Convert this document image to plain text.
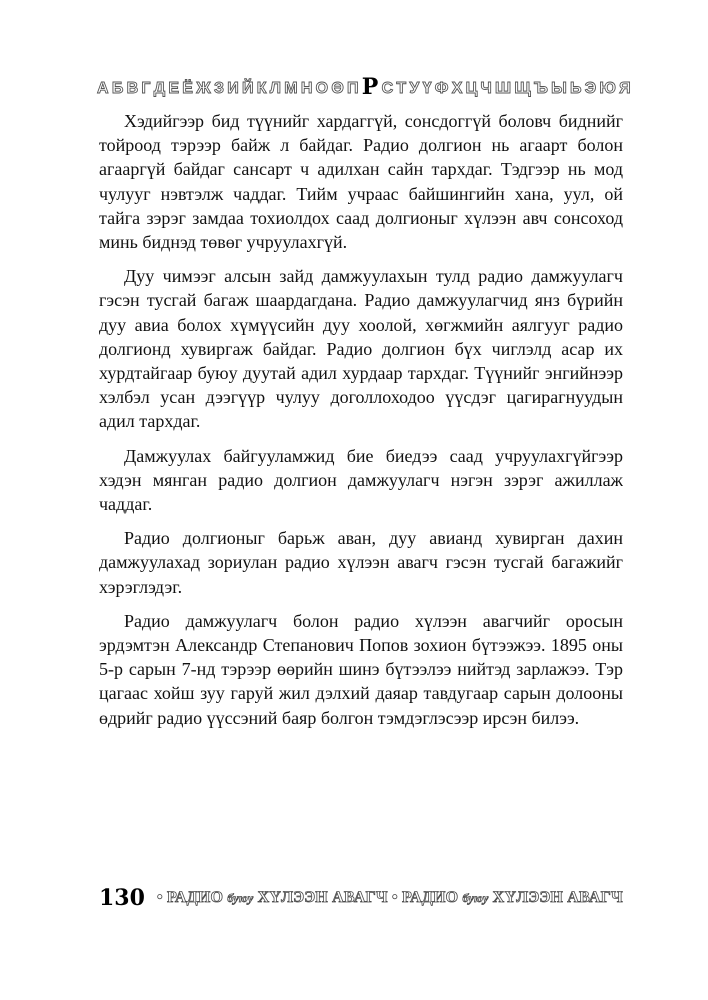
А Б В Г Д Е Ё Ж З И Й К Л М Н О Ө П Р С Т У Ү Ф Х Ц Ч Ш Щ Ъ Ы Ь Э Ю Я

Хэдийгээр бид түүнийг хардаггүй, сонсдоггүй боловч биднийг тойроод тэрээр байж л байдаг. Радио долгион нь агаарт болон агааргүй байдаг сансарт ч адилхан сайн тархдаг. Тэдгээр нь мод чулууг нэвтэлж чаддаг. Тийм учраас байшингийн хана, уул, ой тайга зэрэг замдаа тохиолдох саад долгионыг хүлээн авч сонсоход минь биднэд төвөг учруулахгүй.

Дуу чимээг алсын зайд дамжуулахын тулд радио дамжуулагч гэсэн тусгай багаж шаардагдана. Радио дамжуулагчид янз бүрийн дуу авиа болох хүмүүсийн дуу хоолой, хөгжмийн аялгууг радио долгионд хувиргаж байдаг. Радио долгион бүх чиглэлд асар их хурдтайгаар буюу дуутай адил хурдаар тархдаг. Түүнийг энгийнээр хэлбэл усан дээгүүр чулуу доголлоходоо үүсдэг цагирагнуудын адил тархдаг.

Дамжуулах байгууламжид бие биедээ саад учруулахгүйгээр хэдэн мянган радио долгион дамжуулагч нэгэн зэрэг ажиллаж чаддаг.

Радио долгионыг барьж аван, дуу авианд хувирган дахин дамжуулахад зориулан радио хүлээн авагч гэсэн тусгай багажийг хэрэглэдэг.

Радио дамжуулагч болон радио хүлээн авагчийг оросын эрдэмтэн Александр Степанович Попов зохион бүтээжээ. 1895 оны 5-р сарын 7-нд тэрээр өөрийн шинэ бүтээлээ нийтэд зарлажээ. Тэр цагаас хойш зуу гаруй жил дэлхий даяар тавдугаар сарын долооны өдрийг радио үүссэний баяр болгон тэмдэглэсээр ирсэн билээ.

130 • РАДИО буюу ХҮЛЭЭН АВАГЧ • РАДИО буюу ХҮЛЭЭН АВАГЧ
